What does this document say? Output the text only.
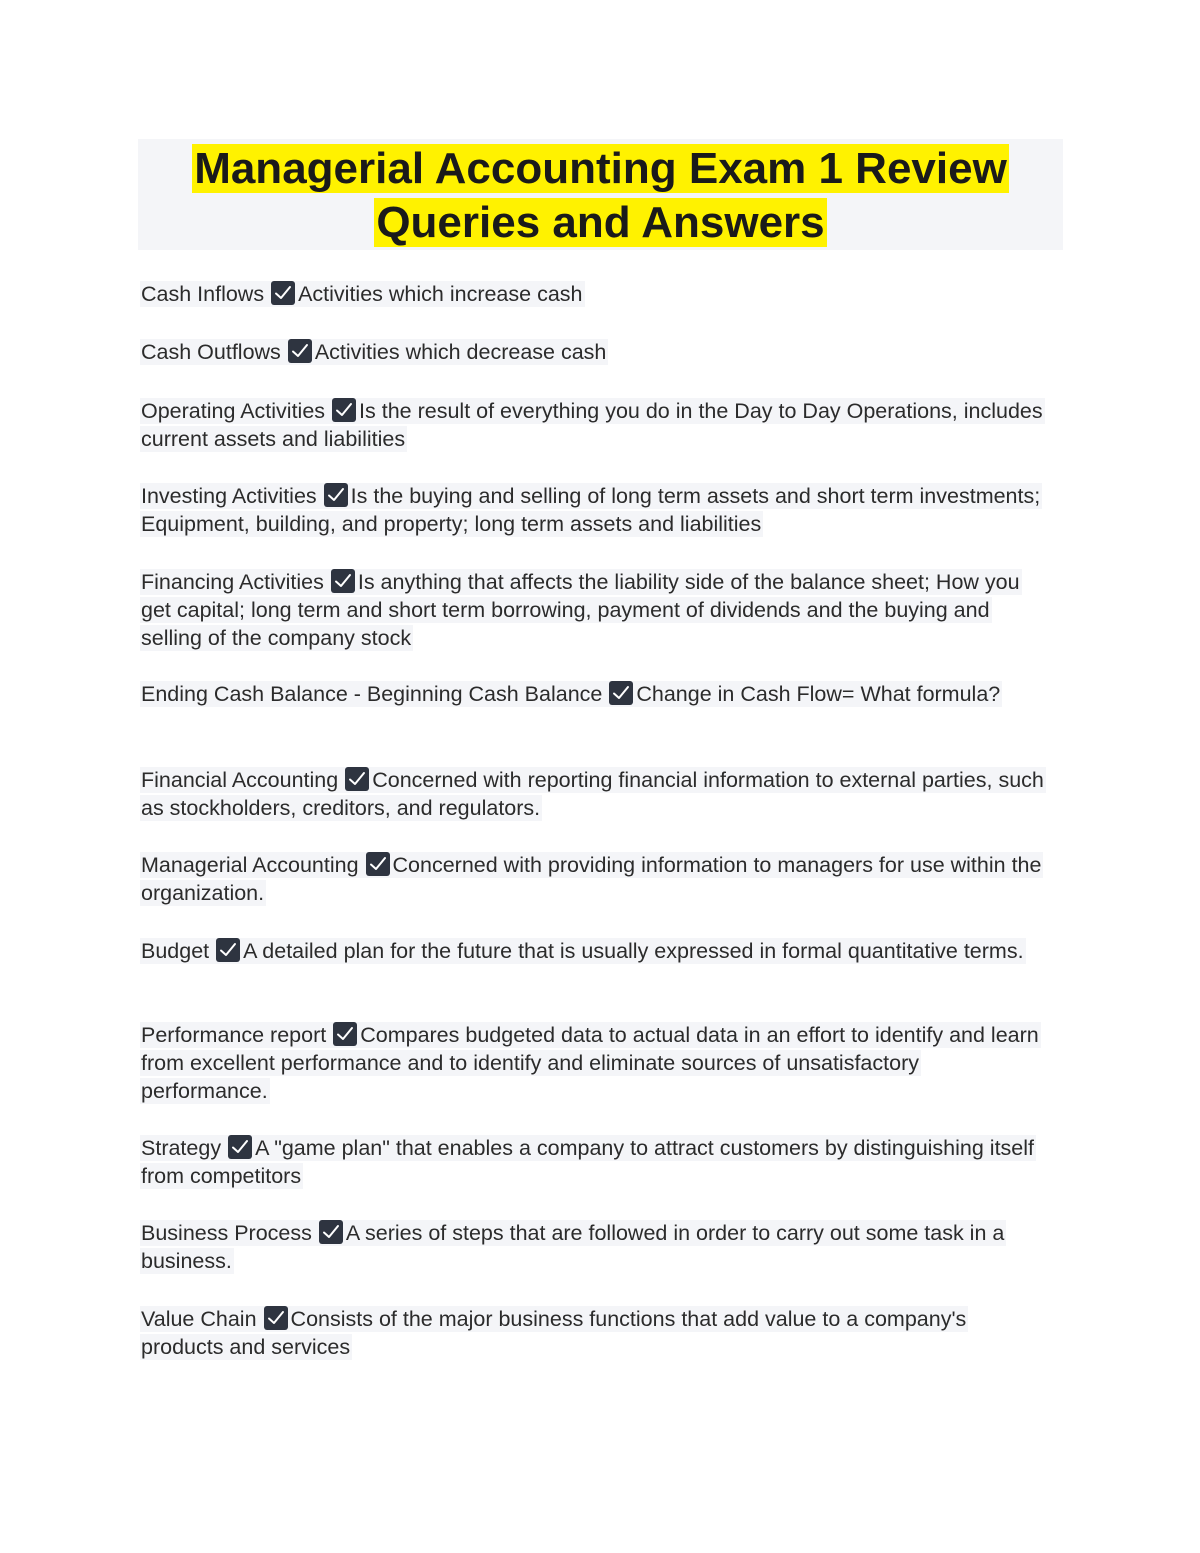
Managerial Accounting Exam 1 Review
Queries and Answers
Cash Inflows Activities which increase cash
Cash Outflows Activities which decrease cash
Operating Activities Is the result of everything you do in the Day to Day Operations, includes current assets and liabilities
Investing Activities Is the buying and selling of long term assets and short term investments; Equipment, building, and property; long term assets and liabilities
Financing Activities Is anything that affects the liability side of the balance sheet; How you get capital; long term and short term borrowing, payment of dividends and the buying and selling of the company stock
Ending Cash Balance - Beginning Cash Balance Change in Cash Flow= What formula?
Financial Accounting Concerned with reporting financial information to external parties, such as stockholders, creditors, and regulators.
Managerial Accounting Concerned with providing information to managers for use within the organization.
Budget A detailed plan for the future that is usually expressed in formal quantitative terms.
Performance report Compares budgeted data to actual data in an effort to identify and learn from excellent performance and to identify and eliminate sources of unsatisfactory performance.
Strategy A "game plan" that enables a company to attract customers by distinguishing itself from competitors
Business Process A series of steps that are followed in order to carry out some task in a business.
Value Chain Consists of the major business functions that add value to a company's products and services
